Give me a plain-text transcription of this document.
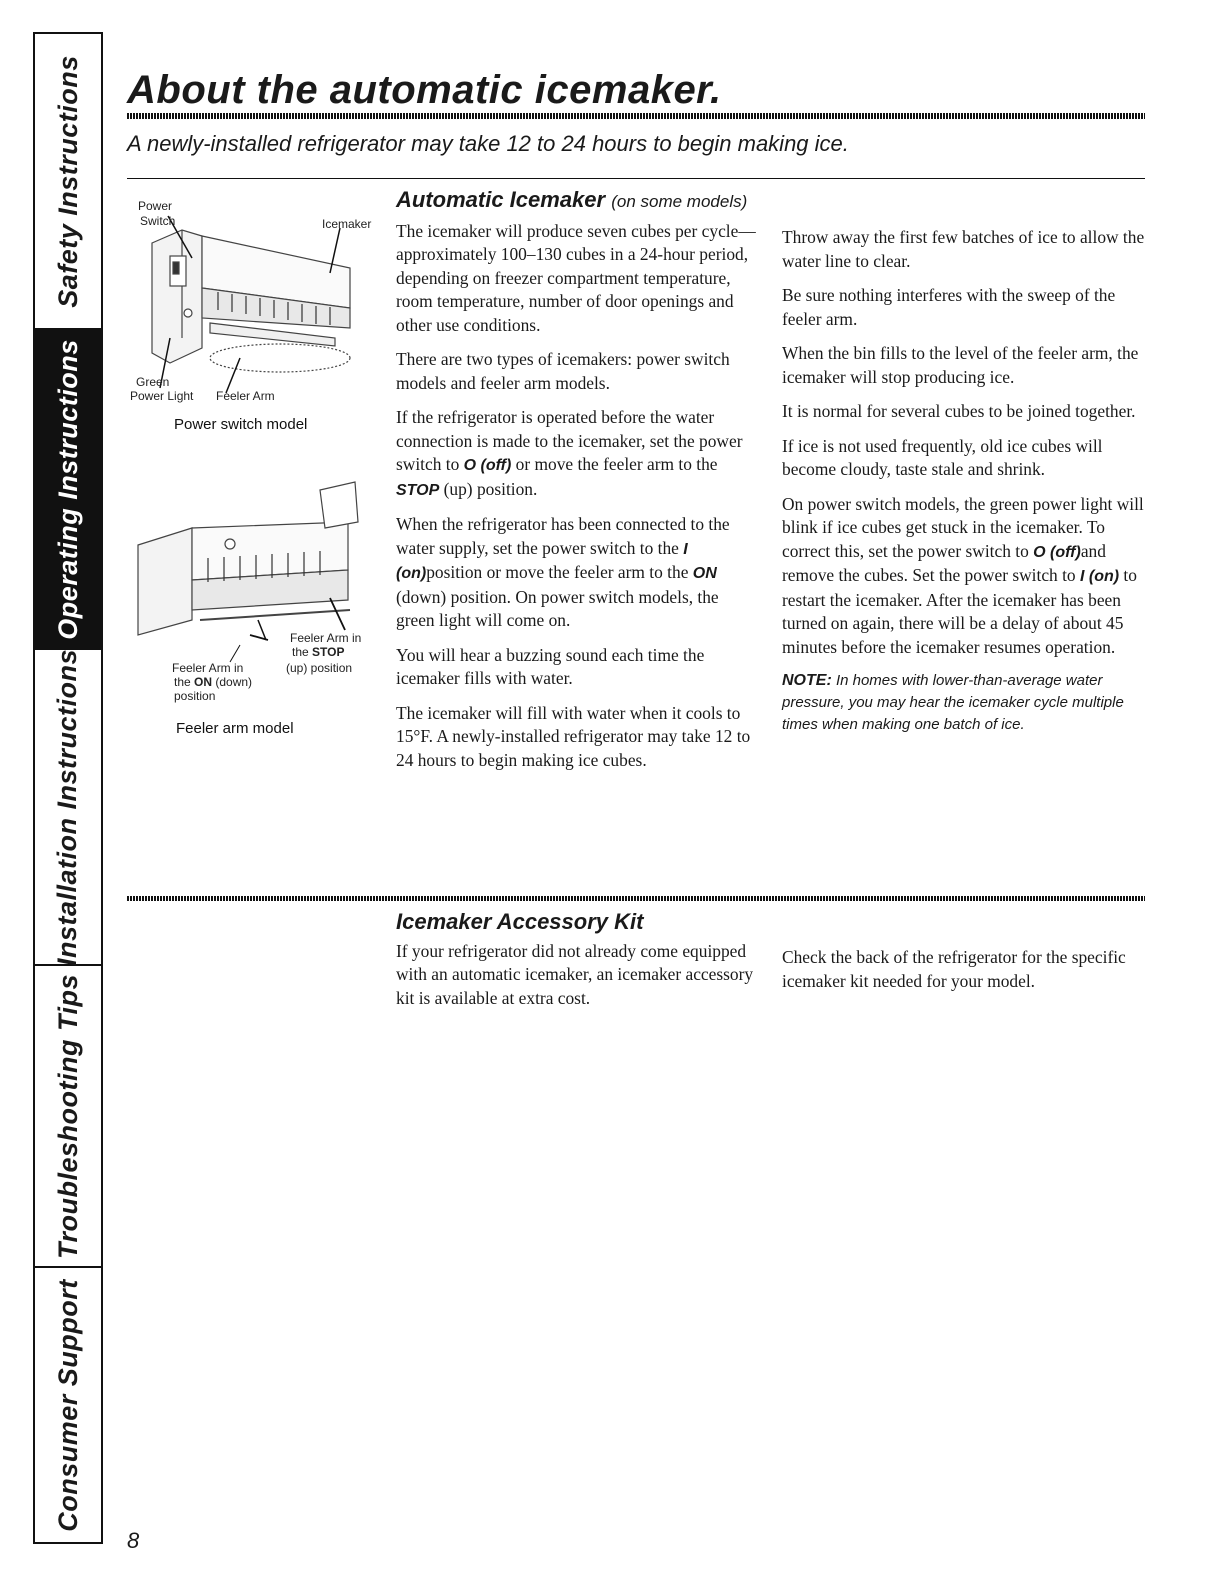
Safety Instructions
Operating Instructions
Installation Instructions
Troubleshooting Tips
Consumer Support
About the automatic icemaker.
A newly-installed refrigerator may take 12 to 24 hours to begin making ice.
Power
Switch	Icemaker
Green
Power Light Feeler Arm
Power switch model
Feeler Arm in
the STOP
(up) position
Feeler Arm in
the ON (down)
position
Feeler arm model
Automatic Icemaker (on some models)

The icemaker will produce seven cubes per cycle—approximately 100–130 cubes in a 24-hour period, depending on freezer compartment temperature, room temperature, number of door openings and other use conditions.

There are two types of icemakers: power switch models and feeler arm models.

If the refrigerator is operated before the water connection is made to the icemaker, set the power switch to O (off) or move the feeler arm to the STOP (up) position.

When the refrigerator has been connected to the water supply, set the power switch to the I (on)position or move the feeler arm to the ON (down) position. On power switch models, the green light will come on.

You will hear a buzzing sound each time the icemaker fills with water.

The icemaker will fill with water when it cools to 15°F. A newly-installed refrigerator may take 12 to 24 hours to begin making ice cubes.

Throw away the first few batches of ice to allow the water line to clear.

Be sure nothing interferes with the sweep of the feeler arm.

When the bin fills to the level of the feeler arm, the icemaker will stop producing ice.

It is normal for several cubes to be joined together.

If ice is not used frequently, old ice cubes will become cloudy, taste stale and shrink.

On power switch models, the green power light will blink if ice cubes get stuck in the icemaker. To correct this, set the power switch to O (off)and remove the cubes. Set the power switch to I (on) to restart the icemaker. After the icemaker has been turned on again, there will be a delay of about 45 minutes before the icemaker resumes operation.

NOTE: In homes with lower-than-average water pressure, you may hear the icemaker cycle multiple times when making one batch of ice.

Icemaker Accessory Kit

If your refrigerator did not already come equipped with an automatic icemaker, an icemaker accessory kit is available at extra cost.

Check the back of the refrigerator for the specific icemaker kit needed for your model.

8
